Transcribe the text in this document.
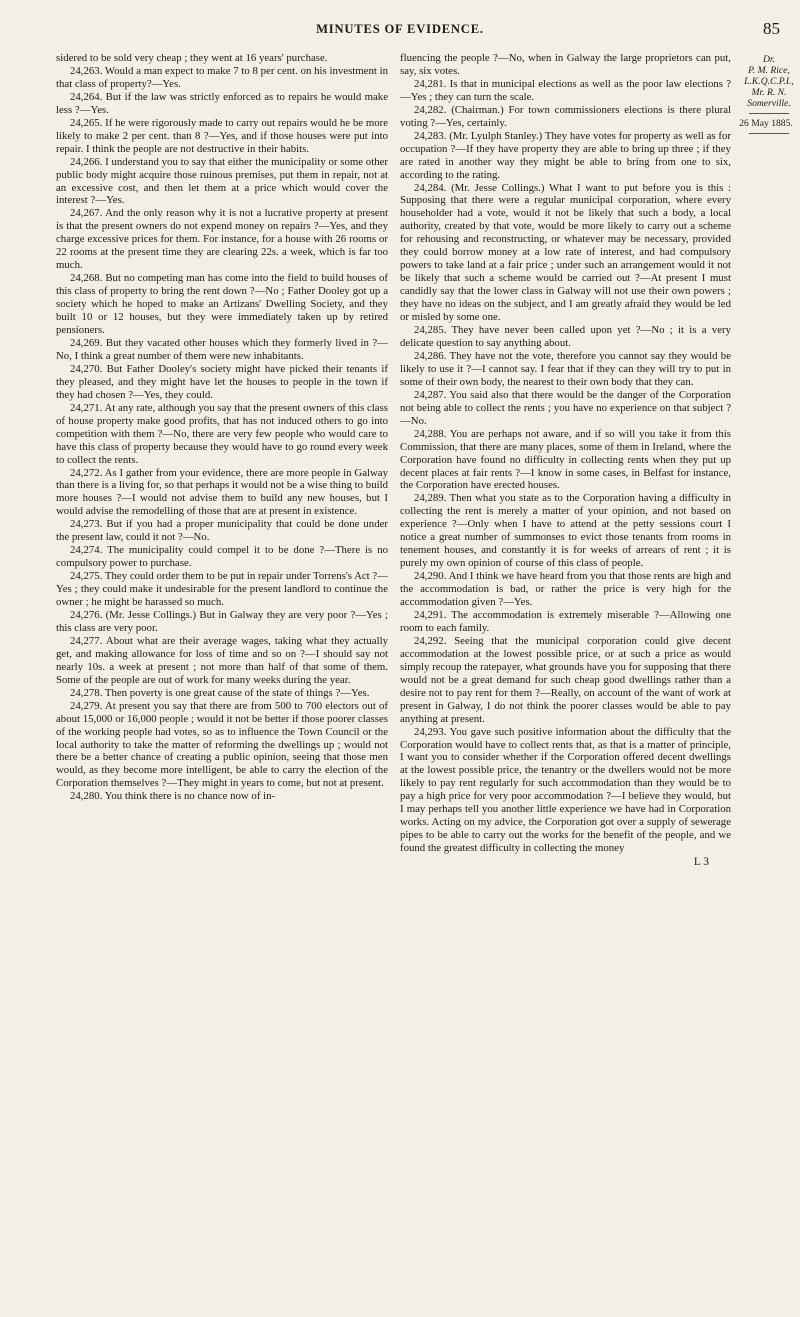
MINUTES OF EVIDENCE.	85

sidered to be sold very cheap ; they went at 16 years' purchase.

24,263. Would a man expect to make 7 to 8 per cent. on his investment in that class of property?—Yes.

24,264. But if the law was strictly enforced as to repairs he would make less ?—Yes.

24,265. If he were rigorously made to carry out repairs would he be more likely to make 2 per cent. than 8 ?—Yes, and if those houses were put into repair. I think the people are not destructive in their habits.

24,266. I understand you to say that either the municipality or some other public body might acquire those ruinous premises, put them in repair, not at an excessive cost, and then let them at a price which would cover the interest ?—Yes.

24,267. And the only reason why it is not a lucrative property at present is that the present owners do not expend money on repairs ?—Yes, and they charge excessive prices for them. For instance, for a house with 26 rooms or 22 rooms at the present time they are clearing 22s. a week, which is far too much.

24,268. But no competing man has come into the field to build houses of this class of property to bring the rent down ?—No ; Father Dooley got up a society which he hoped to make an Artizans' Dwelling Society, and they built 10 or 12 houses, but they were immediately taken up by retired pensioners.

24,269. But they vacated other houses which they formerly lived in ?—No, I think a great number of them were new inhabitants.

24,270. But Father Dooley's society might have picked their tenants if they pleased, and they might have let the houses to people in the town if they had chosen ?—Yes, they could.

24,271. At any rate, although you say that the present owners of this class of house property make good profits, that has not induced others to go into competition with them ?—No, there are very few people who would care to have this class of property because they would have to go round every week to collect the rents.

24,272. As I gather from your evidence, there are more people in Galway than there is a living for, so that perhaps it would not be a wise thing to build more houses ?—I would not advise them to build any new houses, but I would advise the remodelling of those that are at present in existence.

24,273. But if you had a proper municipality that could be done under the present law, could it not ?—No.

24,274. The municipality could compel it to be done ?—There is no compulsory power to purchase.

24,275. They could order them to be put in repair under Torrens's Act ?—Yes ; they could make it undesirable for the present landlord to continue the owner ; he might be harassed so much.

24,276. (Mr. Jesse Collings.) But in Galway they are very poor ?—Yes ; this class are very poor.

24,277. About what are their average wages, taking what they actually get, and making allowance for loss of time and so on ?—I should say not nearly 10s. a week at present ; not more than half of that some of them. Some of the people are out of work for many weeks during the year.

24,278. Then poverty is one great cause of the state of things ?—Yes.

24,279. At present you say that there are from 500 to 700 electors out of about 15,000 or 16,000 people ; would it not be better if those poorer classes of the working people had votes, so as to influence the Town Council or the local authority to take the matter of reforming the dwellings up ; would not there be a better chance of creating a public opinion, seeing that those men would, as they become more intelligent, be able to carry the election of the Corporation themselves ?—They might in years to come, but not at present.

24,280. You think there is no chance now of in-

fluencing the people ?—No, when in Galway the large proprietors can put, say, six votes.

24,281. Is that in municipal elections as well as the poor law elections ?—Yes ; they can turn the scale.

24,282. (Chairman.) For town commissioners elections is there plural voting ?—Yes, certainly.

24,283. (Mr. Lyulph Stanley.) They have votes for property as well as for occupation ?—If they have property they are able to bring up three ; if they are rated in another way they might be able to bring from one to six, according to the rating.

24,284. (Mr. Jesse Collings.) What I want to put before you is this : Supposing that there were a regular municipal corporation, where every householder had a vote, would it not be likely that such a body, a local authority, created by that vote, would be more likely to carry out a scheme for rehousing and reconstructing, or whatever may be necessary, provided they could borrow money at a low rate of interest, and had compulsory powers to take land at a fair price ; under such an arrangement would it not be likely that such a scheme would be carried out ?—At present I must candidly say that the lower class in Galway will not use their own powers ; they have no ideas on the subject, and I am greatly afraid they would be led or misled by some one.

24,285. They have never been called upon yet ?—No ; it is a very delicate question to say anything about.

24,286. They have not the vote, therefore you cannot say they would be likely to use it ?—I cannot say. I fear that if they can they will try to put in some of their own body, the nearest to their own body that they can.

24,287. You said also that there would be the danger of the Corporation not being able to collect the rents ; you have no experience on that subject ?—No.

24,288. You are perhaps not aware, and if so will you take it from this Commission, that there are many places, some of them in Ireland, where the Corporation have found no difficulty in collecting rents when they put up decent places at fair rents ?—I know in some cases, in Belfast for instance, the Corporation have erected houses.

24,289. Then what you state as to the Corporation having a difficulty in collecting the rent is merely a matter of your opinion, and not based on experience ?—Only when I have to attend at the petty sessions court I notice a great number of summonses to evict those tenants from rooms in tenement houses, and constantly it is for weeks of arrears of rent ; it is purely my own opinion of course of this class of people.

24,290. And I think we have heard from you that those rents are high and the accommodation is bad, or rather the price is very high for the accommodation given ?—Yes.

24,291. The accommodation is extremely miserable ?—Allowing one room to each family.

24,292. Seeing that the municipal corporation could give decent accommodation at the lowest possible price, or at such a price as would simply recoup the ratepayer, what grounds have you for supposing that there would not be a great demand for such cheap good dwellings rather than a desire not to pay rent for them ?—Really, on account of the want of work at present in Galway, I do not think the poorer classes would be able to pay anything at present.

24,293. You gave such positive information about the difficulty that the Corporation would have to collect rents that, as that is a matter of principle, I want you to consider whether if the Corporation offered decent dwellings at the lowest possible price, the tenantry or the dwellers would not be more likely to pay rent regularly for such accommodation than they would be to pay a high price for very poor accommodation ?—I believe they would, but I may perhaps tell you another little experience we have had in Corporation works. Acting on my advice, the Corporation got over a supply of sewerage pipes to be able to carry out the works for the benefit of the people, and we found the greatest difficulty in collecting the money

L 3

Dr.
P. M. Rice,
L.K.Q.C.P.I.,
Mr. R. N.
Somerville.
26 May 1885.
